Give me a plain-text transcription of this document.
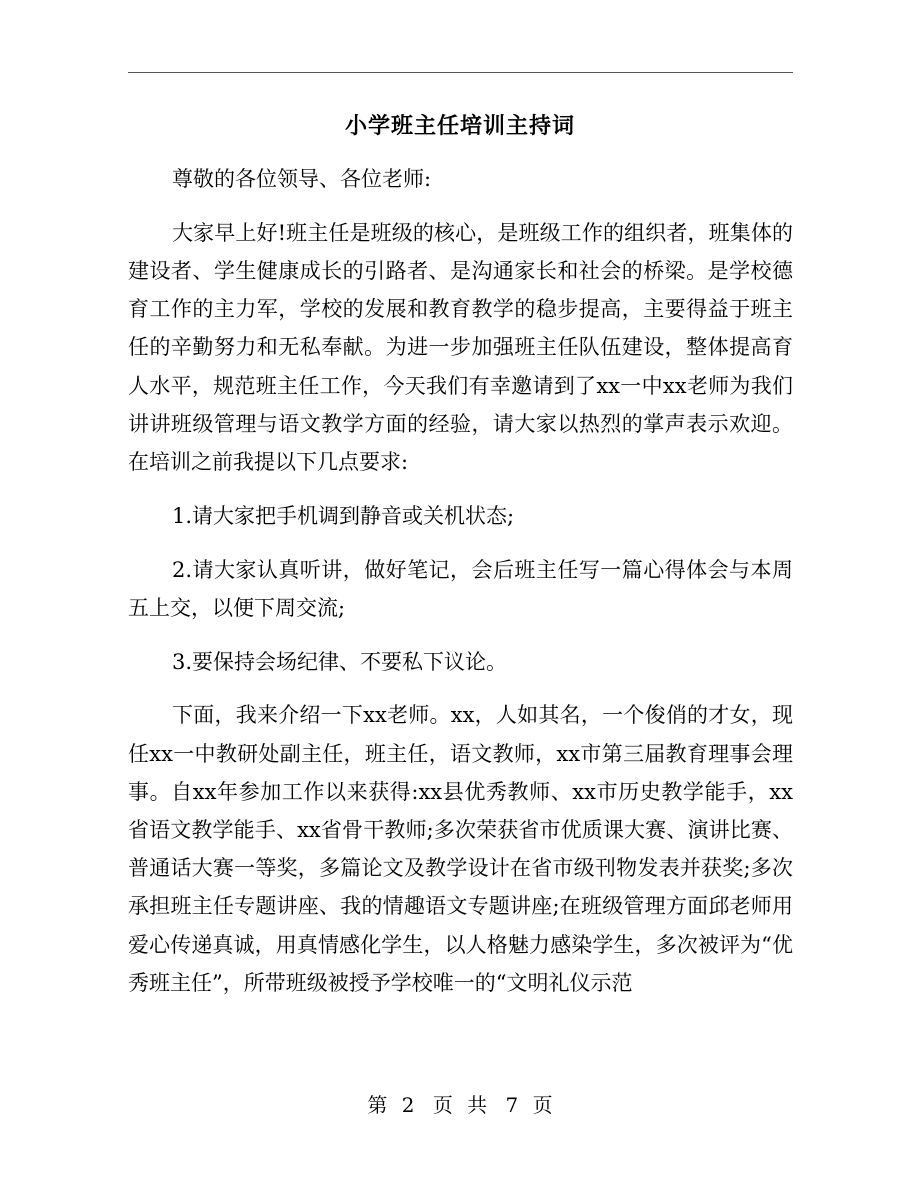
小学班主任培训主持词

尊敬的各位领导、各位老师:

大家早上好!班主任是班级的核心，是班级工作的组织者，班集体的建设者、学生健康成长的引路者、是沟通家长和社会的桥梁。是学校德育工作的主力军，学校的发展和教育教学的稳步提高，主要得益于班主任的辛勤努力和无私奉献。为进一步加强班主任队伍建设，整体提高育人水平，规范班主任工作，今天我们有幸邀请到了xx一中xx老师为我们讲讲班级管理与语文教学方面的经验，请大家以热烈的掌声表示欢迎。在培训之前我提以下几点要求:

1.请大家把手机调到静音或关机状态;

2.请大家认真听讲，做好笔记，会后班主任写一篇心得体会与本周五上交，以便下周交流;

3.要保持会场纪律、不要私下议论。

下面，我来介绍一下xx老师。xx，人如其名，一个俊俏的才女，现任xx一中教研处副主任，班主任，语文教师，xx市第三届教育理事会理事。自xx年参加工作以来获得:xx县优秀教师、xx市历史教学能手，xx省语文教学能手、xx省骨干教师;多次荣获省市优质课大赛、演讲比赛、普通话大赛一等奖，多篇论文及教学设计在省市级刊物发表并获奖;多次承担班主任专题讲座、我的情趣语文专题讲座;在班级管理方面邱老师用爱心传递真诚，用真情感化学生，以人格魅力感染学生，多次被评为“优秀班主任”，所带班级被授予学校唯一的“文明礼仪示范

第 2 页 共 7 页
